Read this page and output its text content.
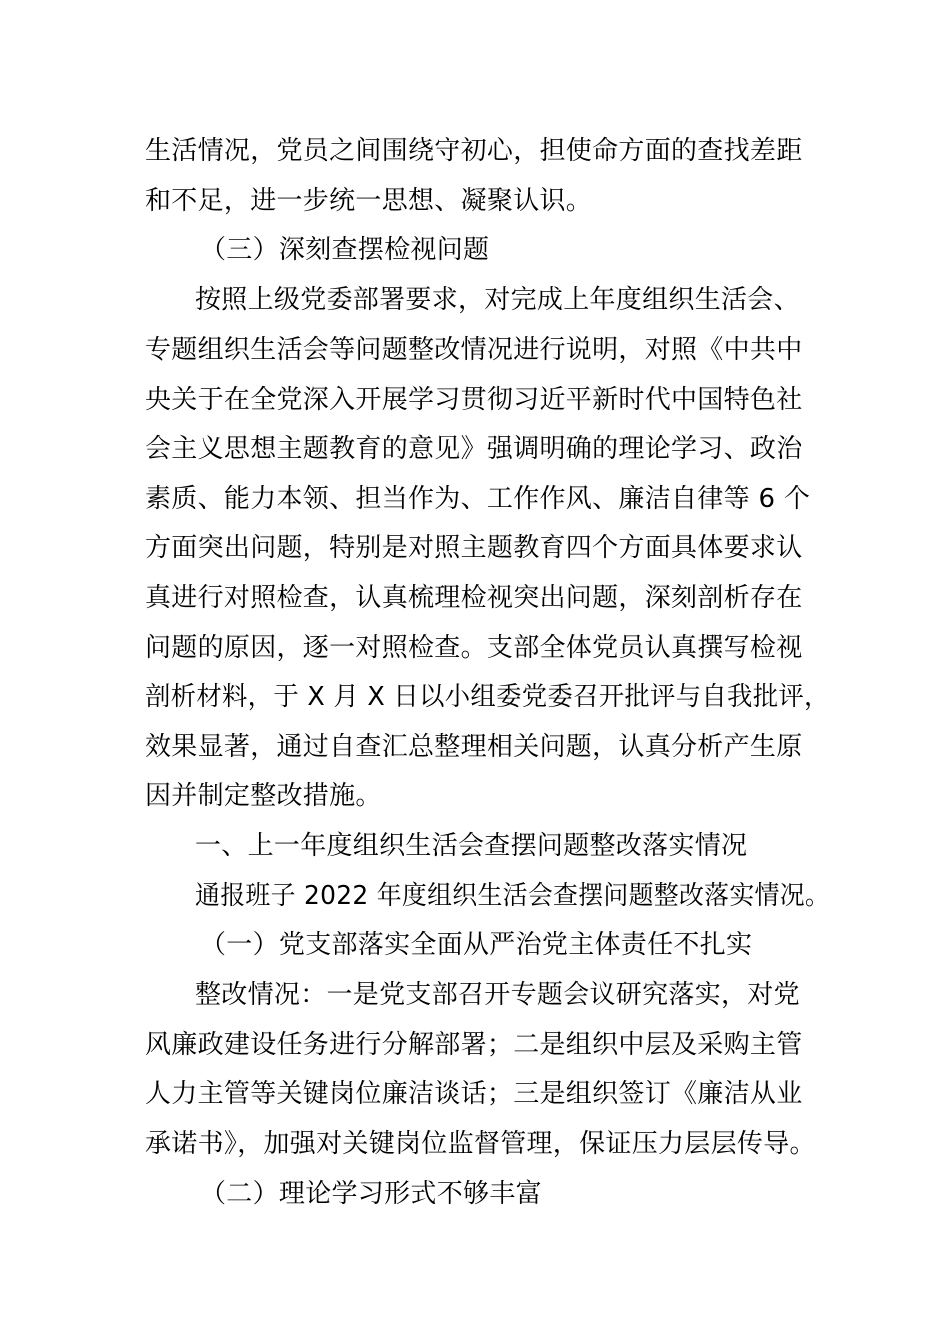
生活情况，党员之间围绕守初心，担使命方面的查找差距
和不足，进一步统一思想、凝聚认识。
（三）深刻查摆检视问题
按照上级党委部署要求，对完成上年度组织生活会、
专题组织生活会等问题整改情况进行说明，对照《中共中
央关于在全党深入开展学习贯彻习近平新时代中国特色社
会主义思想主题教育的意见》强调明确的理论学习、政治
素质、能力本领、担当作为、工作作风、廉洁自律等 6 个
方面突出问题，特别是对照主题教育四个方面具体要求认
真进行对照检查，认真梳理检视突出问题，深刻剖析存在
问题的原因，逐一对照检查。支部全体党员认真撰写检视
剖析材料，于 X 月 X 日以小组委党委召开批评与自我批评，
效果显著，通过自查汇总整理相关问题，认真分析产生原
因并制定整改措施。
一、上一年度组织生活会查摆问题整改落实情况
通报班子 2022 年度组织生活会查摆问题整改落实情况。
（一）党支部落实全面从严治党主体责任不扎实
整改情况：一是党支部召开专题会议研究落实，对党
风廉政建设任务进行分解部署；二是组织中层及采购主管
人力主管等关键岗位廉洁谈话；三是组织签订《廉洁从业
承诺书》，加强对关键岗位监督管理，保证压力层层传导。
（二）理论学习形式不够丰富
